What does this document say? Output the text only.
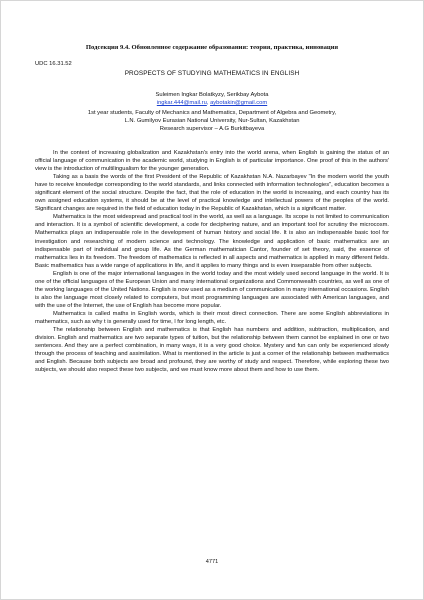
Подсекция 9.4. Обновленное содержание образования: теория, практика, инновация
UDC 16.31.52
PROSPECTS OF STUDYING MATHEMATICS IN ENGLISH
Suleimen Ingkar Bolatkyzy, Serikbay Aybota
ingkar.444@mail.ru, aybotakin@gmail.com
1st year students, Faculty of Mechanics and Mathematics, Department of Algebra and Geometry,
L.N. Gumilyov Eurasian National University, Nur-Sultan, Kazakhstan
Research supervisor – A.G Burkitbayeva

In the context of increasing globalization and Kazakhstan's entry into the world arena, when English is gaining the status of an official language of communication in the academic world, studying in English is of particular importance. One proof of this in the authors' view is the introduction of multilingualism for the younger generation.

Taking as a basis the words of the first President of the Republic of Kazakhstan N.A. Nazarbayev "In the modern world the youth have to receive knowledge corresponding to the world standards, and links connected with information technologies", education becomes a significant element of the social structure. Despite the fact, that the role of education in the world is increasing, and each country has its own assigned education systems, it should be at the level of practical knowledge and intellectual powers of the peoples of the world. Significant changes are required in the field of education today in the Republic of Kazakhstan, which is a significant matter.

Mathematics is the most widespread and practical tool in the world, as well as a language. Its scope is not limited to communication and interaction. It is a symbol of scientific development, a code for deciphering nature, and an important tool for scrutiny the microcosm. Mathematics plays an indispensable role in the development of human history and social life. It is also an indispensable basic tool for investigation and researching of modern science and technology. The knowledge and application of basic mathematics are an indispensable part of individual and group life. As the German mathematician Cantor, founder of set theory, said, the essence of mathematics lies in its freedom. The freedom of mathematics is reflected in all aspects and mathematics is applied in many different fields. Basic mathematics has a wide range of applications in life, and it applies to many things and is even inseparable from other subjects.

English is one of the major international languages in the world today and the most widely used second language in the world. It is one of the official languages of the European Union and many international organizations and Commonwealth countries, as well as one of the working languages of the United Nations. English is now used as a medium of communication in many international occasions. English is also the language most closely related to computers, but most programming languages are associated with American languages, and with the use of the Internet, the use of English has become more popular.

Mathematics is called maths in English words, which is their most direct connection. There are some English abbreviations in mathematics, such as why t is generally used for time, l for long length, etc.

The relationship between English and mathematics is that English has numbers and addition, subtraction, multiplication, and division. English and mathematics are two separate types of tuition, but the relationship between them cannot be explained in one or two sentences. And they are a perfect combination, in many ways, it is a very good choice. Mystery and fun can only be experienced slowly through the process of teaching and assimilation. What is mentioned in the article is just a corner of the relationship between mathematics and English. Because both subjects are broad and profound, they are worthy of study and respect. Therefore, while exploring these two subjects, we should also respect these two subjects, and we must know more about them and how to use them.

4771
